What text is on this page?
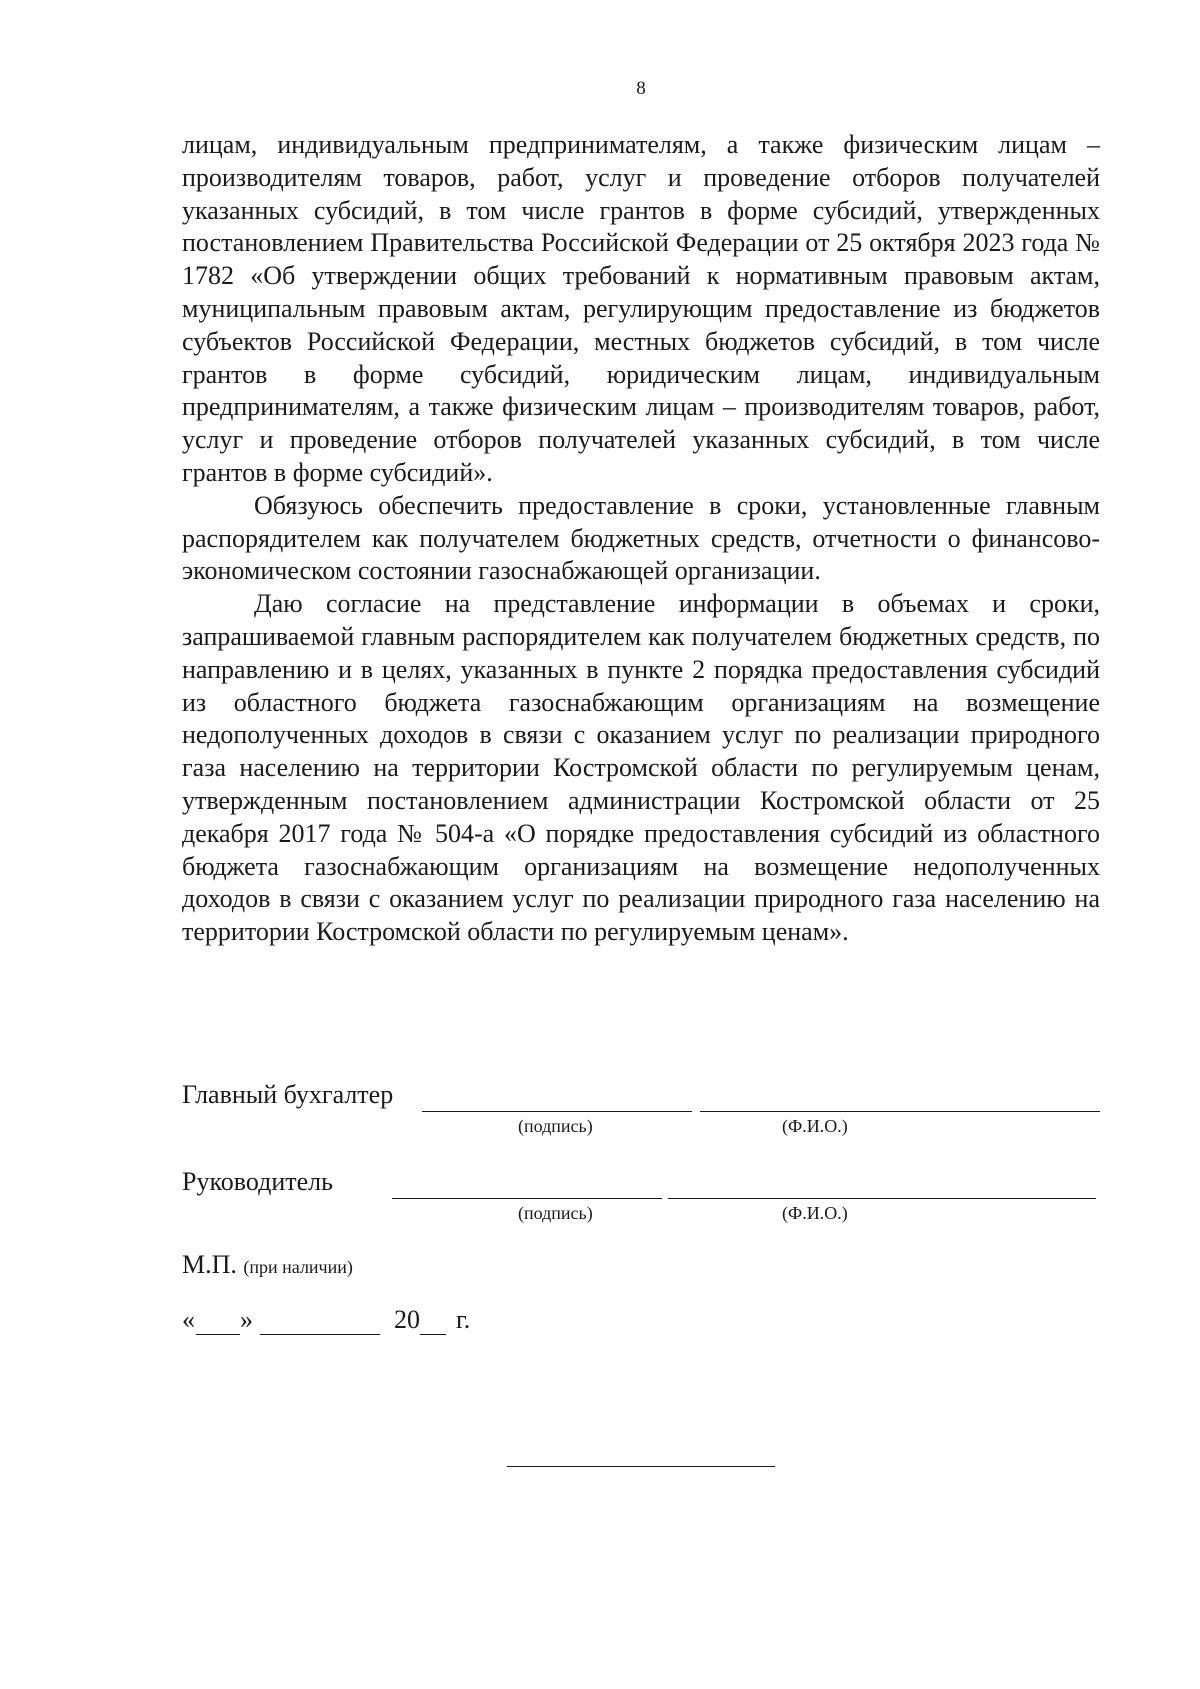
8

лицам, индивидуальным предпринимателям, а также физическим лицам – производителям товаров, работ, услуг и проведение отборов получателей указанных субсидий, в том числе грантов в форме субсидий, утвержденных постановлением Правительства Российской Федерации от 25 октября 2023 года № 1782 «Об утверждении общих требований к нормативным правовым актам, муниципальным правовым актам, регулирующим предоставление из бюджетов субъектов Российской Федерации, местных бюджетов субсидий, в том числе грантов в форме субсидий, юридическим лицам, индивидуальным предпринимателям, а также физическим лицам – производителям товаров, работ, услуг и проведение отборов получателей указанных субсидий, в том числе грантов в форме субсидий».

Обязуюсь обеспечить предоставление в сроки, установленные главным распорядителем как получателем бюджетных средств, отчетности о финансово-экономическом состоянии газоснабжающей организации.

Даю согласие на представление информации в объемах и сроки, запрашиваемой главным распорядителем как получателем бюджетных средств, по направлению и в целях, указанных в пункте 2 порядка предоставления субсидий из областного бюджета газоснабжающим организациям на возмещение недополученных доходов в связи с оказанием услуг по реализации природного газа населению на территории Костромской области по регулируемым ценам, утвержденным постановлением администрации Костромской области от 25 декабря 2017 года № 504-а «О порядке предоставления субсидий из областного бюджета газоснабжающим организациям на возмещение недополученных доходов в связи с оказанием услуг по реализации природного газа населению на территории Костромской области по регулируемым ценам».

Главный бухгалтер
(подпись)	(Ф.И.О.)
Руководитель
(подпись)	(Ф.И.О.)
М.П. (при наличии)
« »	20 г.
